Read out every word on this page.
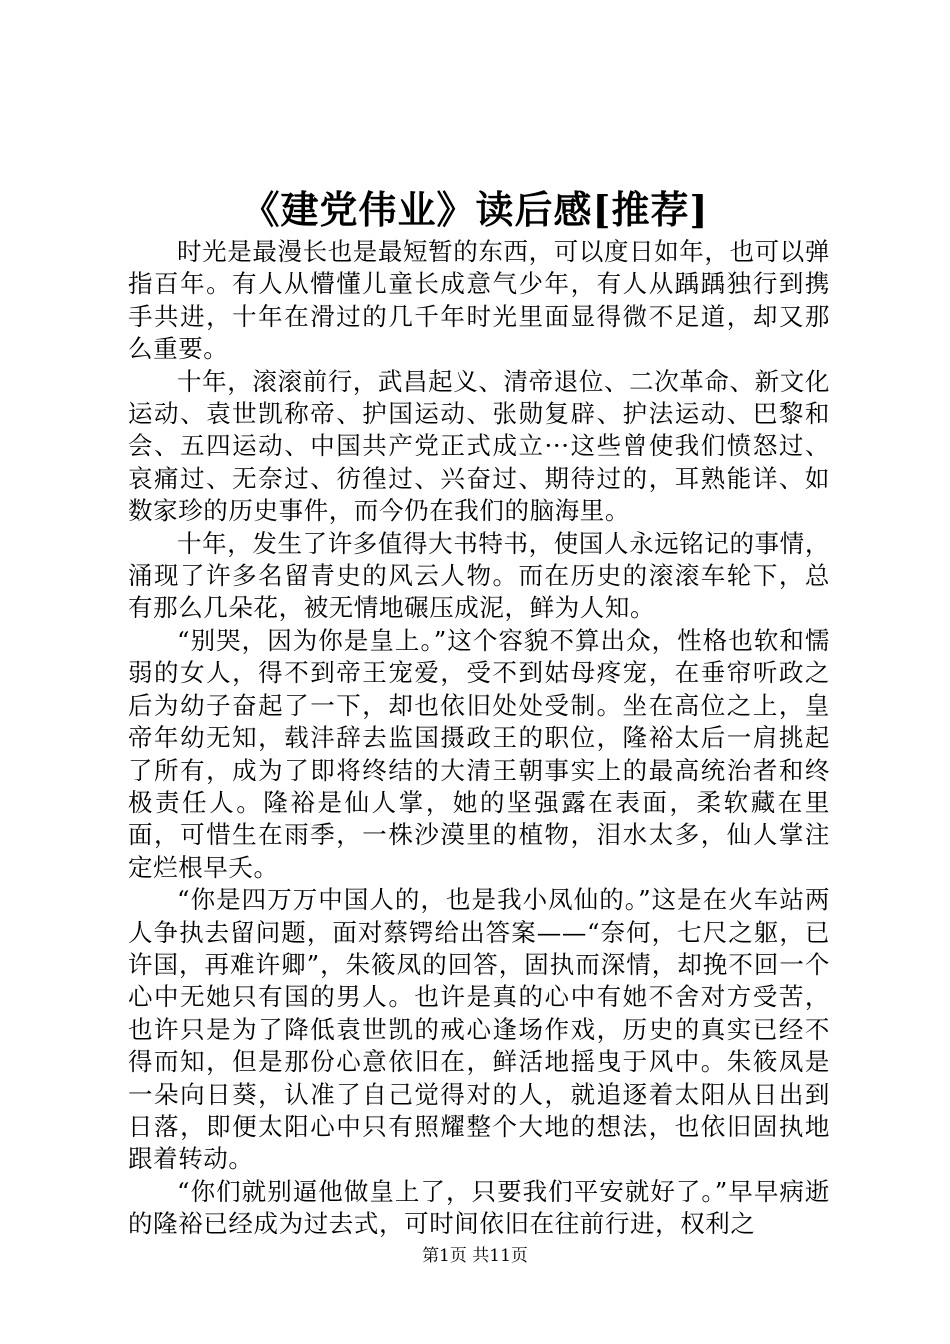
《建党伟业》读后感[推荐]

时光是最漫长也是最短暂的东西，可以度日如年，也可以弹指百年。有人从懵懂儿童长成意气少年，有人从踽踽独行到携手共进，十年在滑过的几千年时光里面显得微不足道，却又那么重要。

十年，滚滚前行，武昌起义、清帝退位、二次革命、新文化运动、袁世凯称帝、护国运动、张勋复辟、护法运动、巴黎和会、五四运动、中国共产党正式成立···这些曾使我们愤怒过、哀痛过、无奈过、彷徨过、兴奋过、期待过的，耳熟能详、如数家珍的历史事件，而今仍在我们的脑海里。

十年，发生了许多值得大书特书，使国人永远铭记的事情，涌现了许多名留青史的风云人物。而在历史的滚滚车轮下，总有那么几朵花，被无情地碾压成泥，鲜为人知。

“别哭，因为你是皇上。”这个容貌不算出众，性格也软和懦弱的女人，得不到帝王宠爱，受不到姑母疼宠，在垂帘听政之后为幼子奋起了一下，却也依旧处处受制。坐在高位之上，皇帝年幼无知，载沣辞去监国摄政王的职位，隆裕太后一肩挑起了所有，成为了即将终结的大清王朝事实上的最高统治者和终极责任人。隆裕是仙人掌，她的坚强露在表面，柔软藏在里面，可惜生在雨季，一株沙漠里的植物，泪水太多，仙人掌注定烂根早夭。

“你是四万万中国人的，也是我小凤仙的。”这是在火车站两人争执去留问题，面对蔡锷给出答案——“奈何，七尺之躯，已许国，再难许卿”，朱筱凤的回答，固执而深情，却挽不回一个心中无她只有国的男人。也许是真的心中有她不舍对方受苦，也许只是为了降低袁世凯的戒心逢场作戏，历史的真实已经不得而知，但是那份心意依旧在，鲜活地摇曳于风中。朱筱凤是一朵向日葵，认准了自己觉得对的人，就追逐着太阳从日出到日落，即便太阳心中只有照耀整个大地的想法，也依旧固执地跟着转动。

“你们就别逼他做皇上了，只要我们平安就好了。”早早病逝的隆裕已经成为过去式，可时间依旧在往前行进，权利之

第1页 共11页
